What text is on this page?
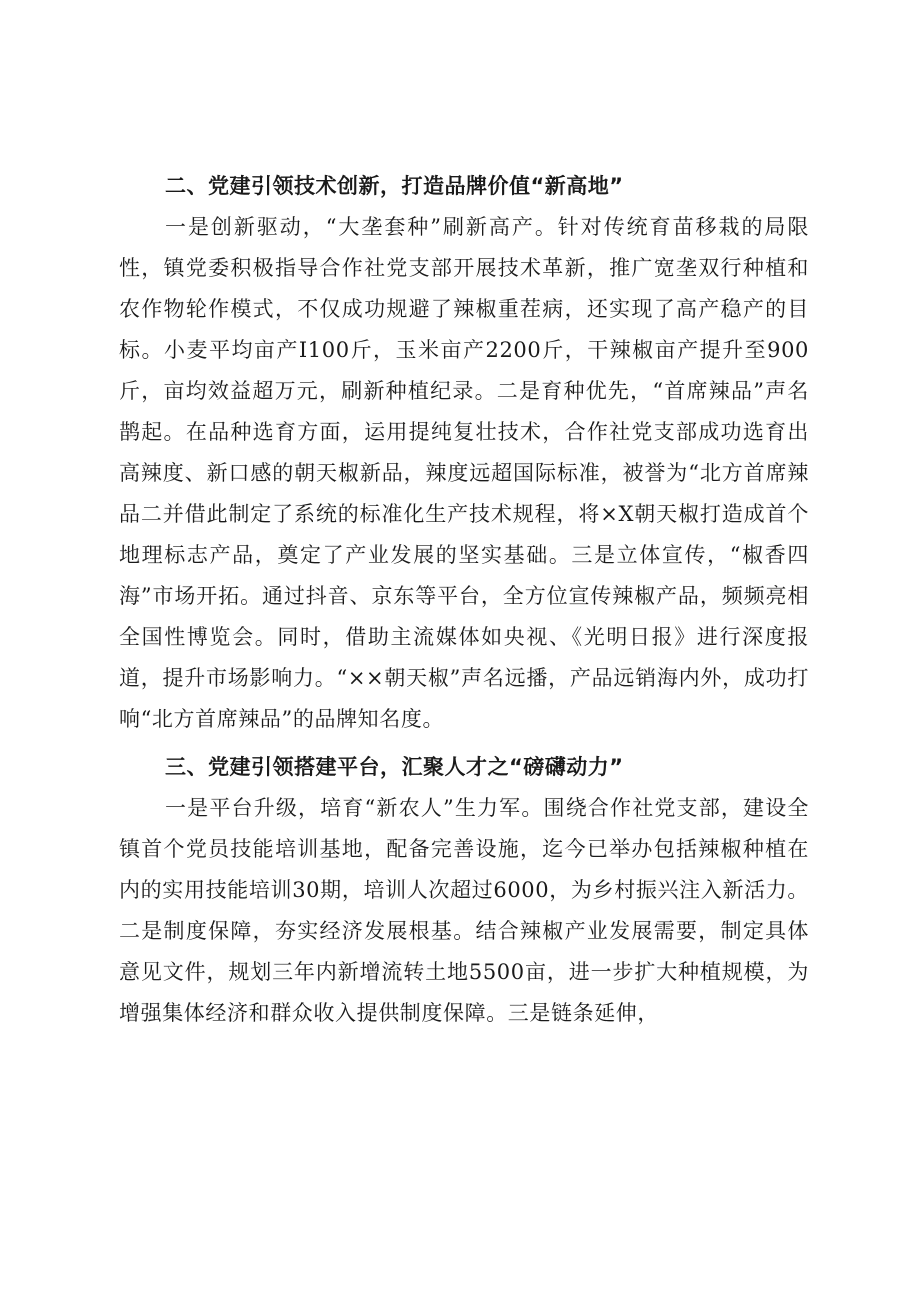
二、党建引领技术创新，打造品牌价值“新高地”

一是创新驱动，“大垄套种”刷新高产。针对传统育苗移栽的局限性，镇党委积极指导合作社党支部开展技术革新，推广宽垄双行种植和农作物轮作模式，不仅成功规避了辣椒重茬病，还实现了高产稳产的目标。小麦平均亩产I100斤，玉米亩产2200斤，干辣椒亩产提升至900斤，亩均效益超万元，刷新种植纪录。二是育种优先，“首席辣品”声名鹊起。在品种选育方面，运用提纯复壮技术，合作社党支部成功选育出高辣度、新口感的朝天椒新品，辣度远超国际标准，被誉为“北方首席辣品二并借此制定了系统的标准化生产技术规程，将×X朝天椒打造成首个地理标志产品，奠定了产业发展的坚实基础。三是立体宣传，“椒香四海”市场开拓。通过抖音、京东等平台，全方位宣传辣椒产品，频频亮相全国性博览会。同时，借助主流媒体如央视、《光明日报》进行深度报道，提升市场影响力。“××朝天椒”声名远播，产品远销海内外，成功打响“北方首席辣品”的品牌知名度。

三、党建引领搭建平台，汇聚人才之“磅礴动力”

一是平台升级，培育“新农人”生力军。围绕合作社党支部，建设全镇首个党员技能培训基地，配备完善设施，迄今已举办包括辣椒种植在内的实用技能培训30期，培训人次超过6000，为乡村振兴注入新活力。二是制度保障，夯实经济发展根基。结合辣椒产业发展需要，制定具体意见文件，规划三年内新增流转土地5500亩，进一步扩大种植规模，为增强集体经济和群众收入提供制度保障。三是链条延伸，
